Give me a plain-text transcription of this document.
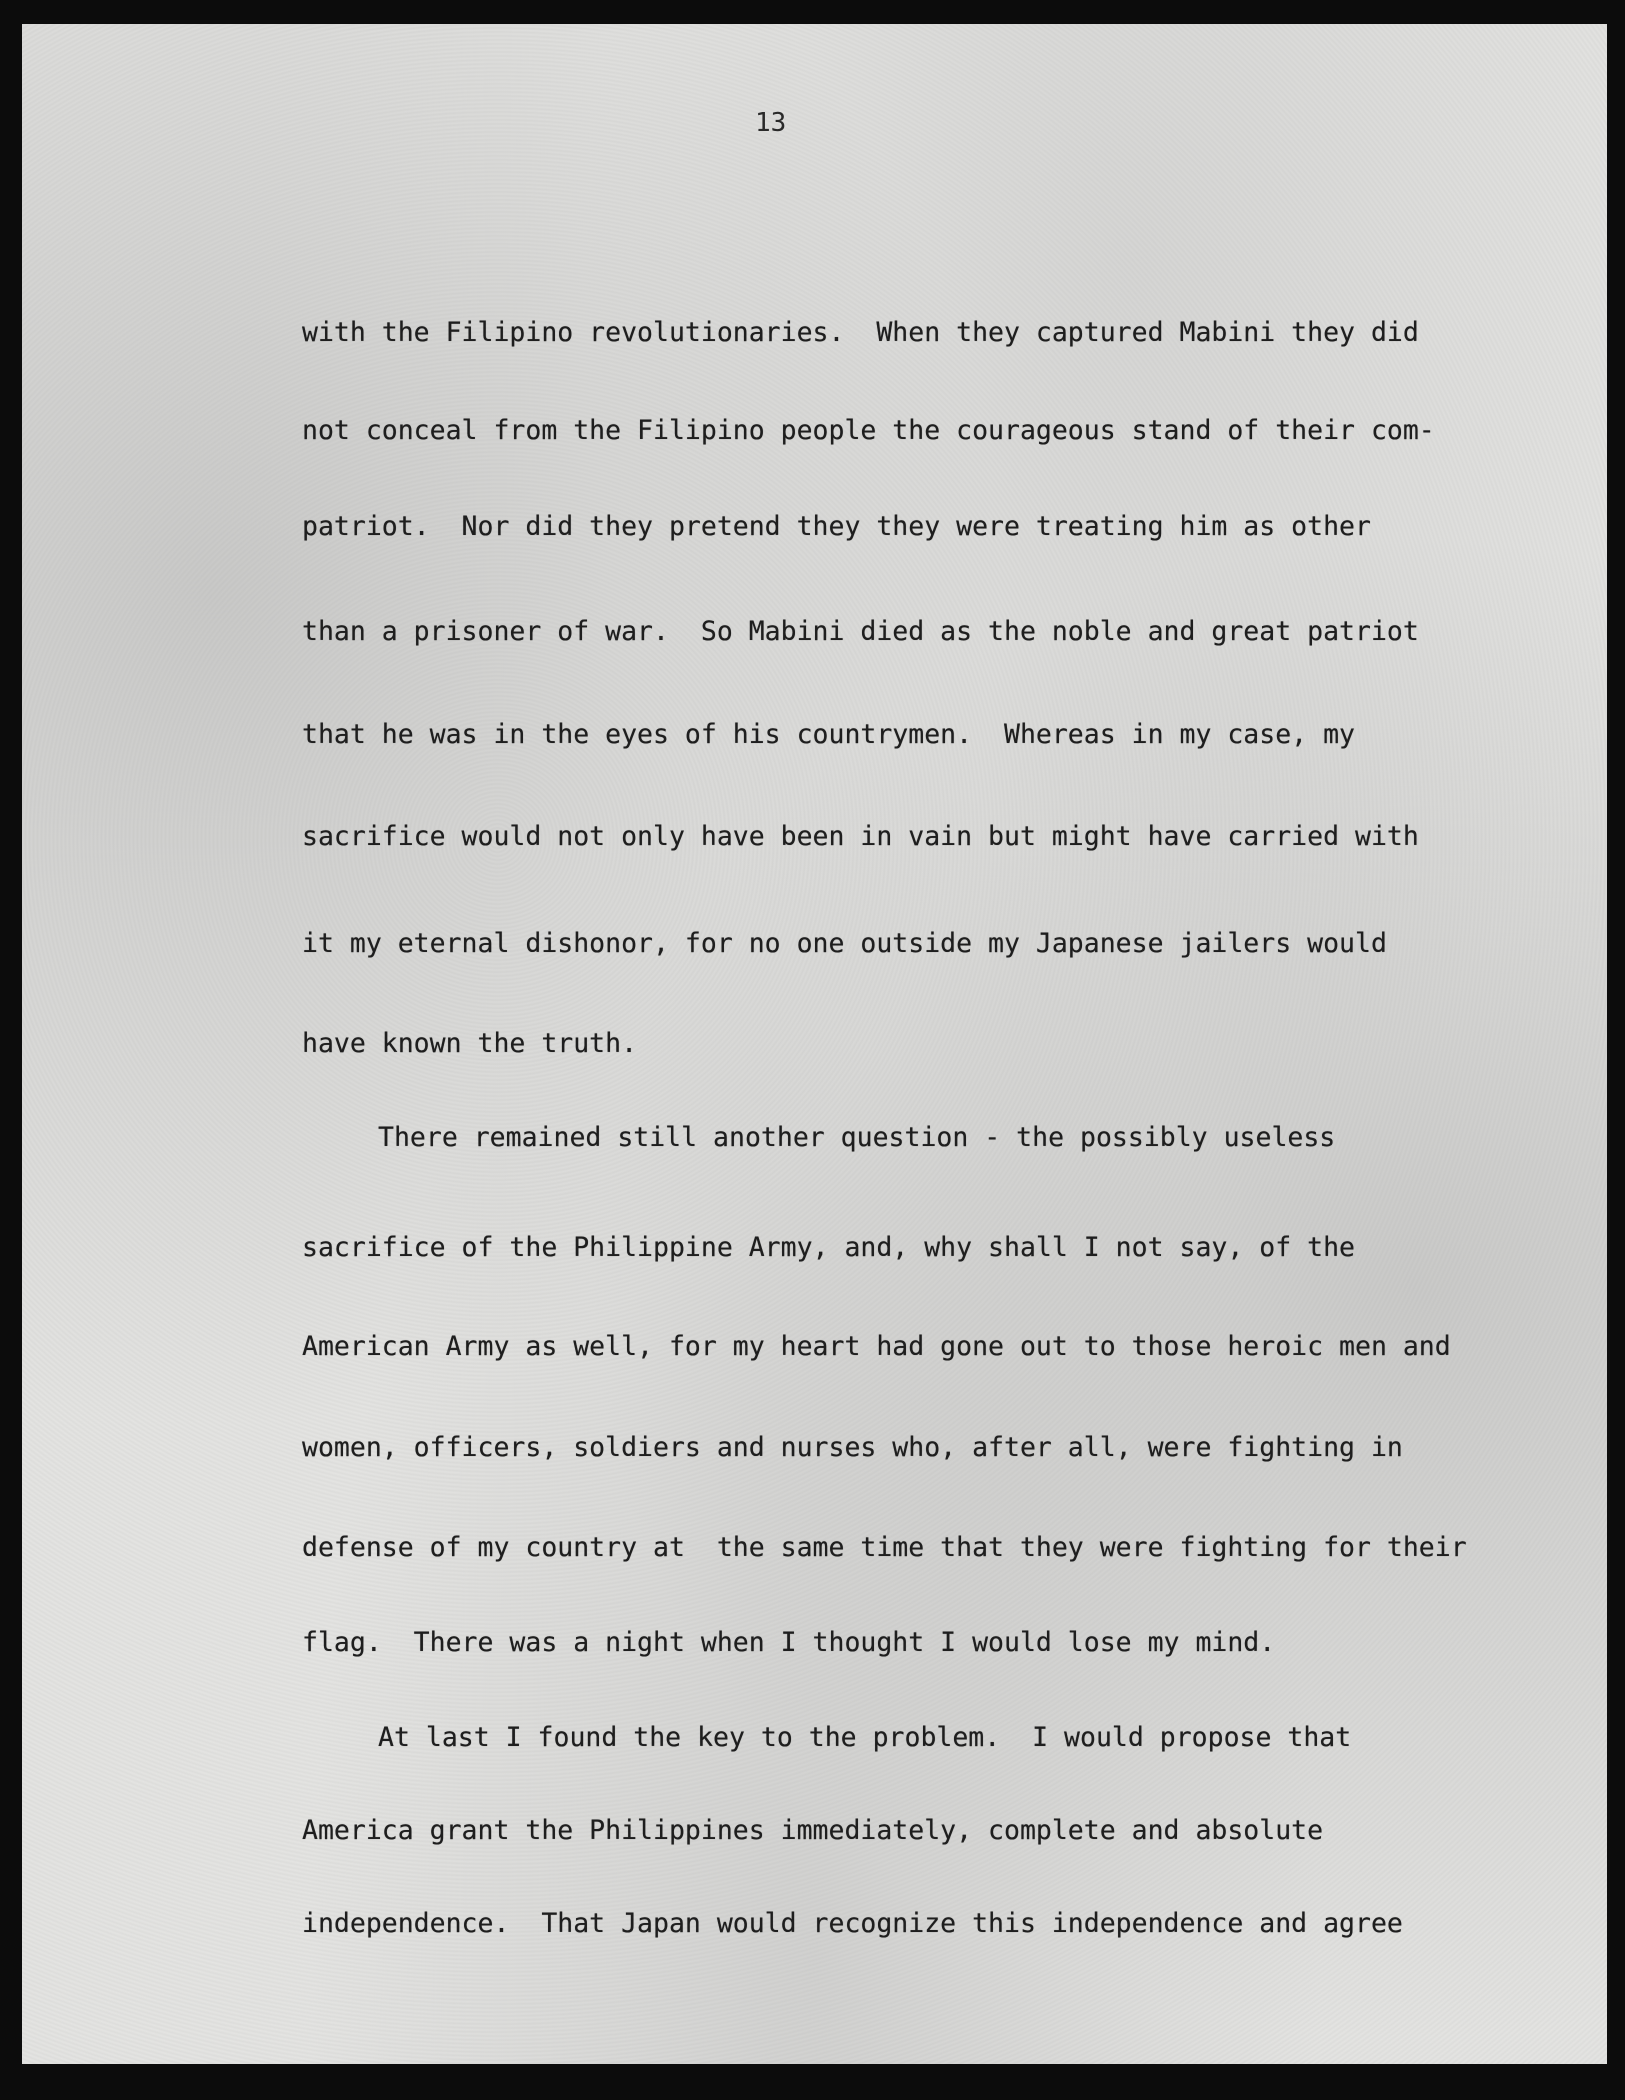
13

with the Filipino revolutionaries.  When they captured Mabini they did

not conceal from the Filipino people the courageous stand of their com-

patriot.  Nor did they pretend they they were treating him as other

than a prisoner of war.  So Mabini died as the noble and great patriot

that he was in the eyes of his countrymen.  Whereas in my case, my

sacrifice would not only have been in vain but might have carried with

it my eternal dishonor, for no one outside my Japanese jailers would

have known the truth.

There remained still another question - the possibly useless

sacrifice of the Philippine Army, and, why shall I not say, of the

American Army as well, for my heart had gone out to those heroic men and

women, officers, soldiers and nurses who, after all, were fighting in

defense of my country at  the same time that they were fighting for their

flag.  There was a night when I thought I would lose my mind.

At last I found the key to the problem.  I would propose that

America grant the Philippines immediately, complete and absolute

independence.  That Japan would recognize this independence and agree
